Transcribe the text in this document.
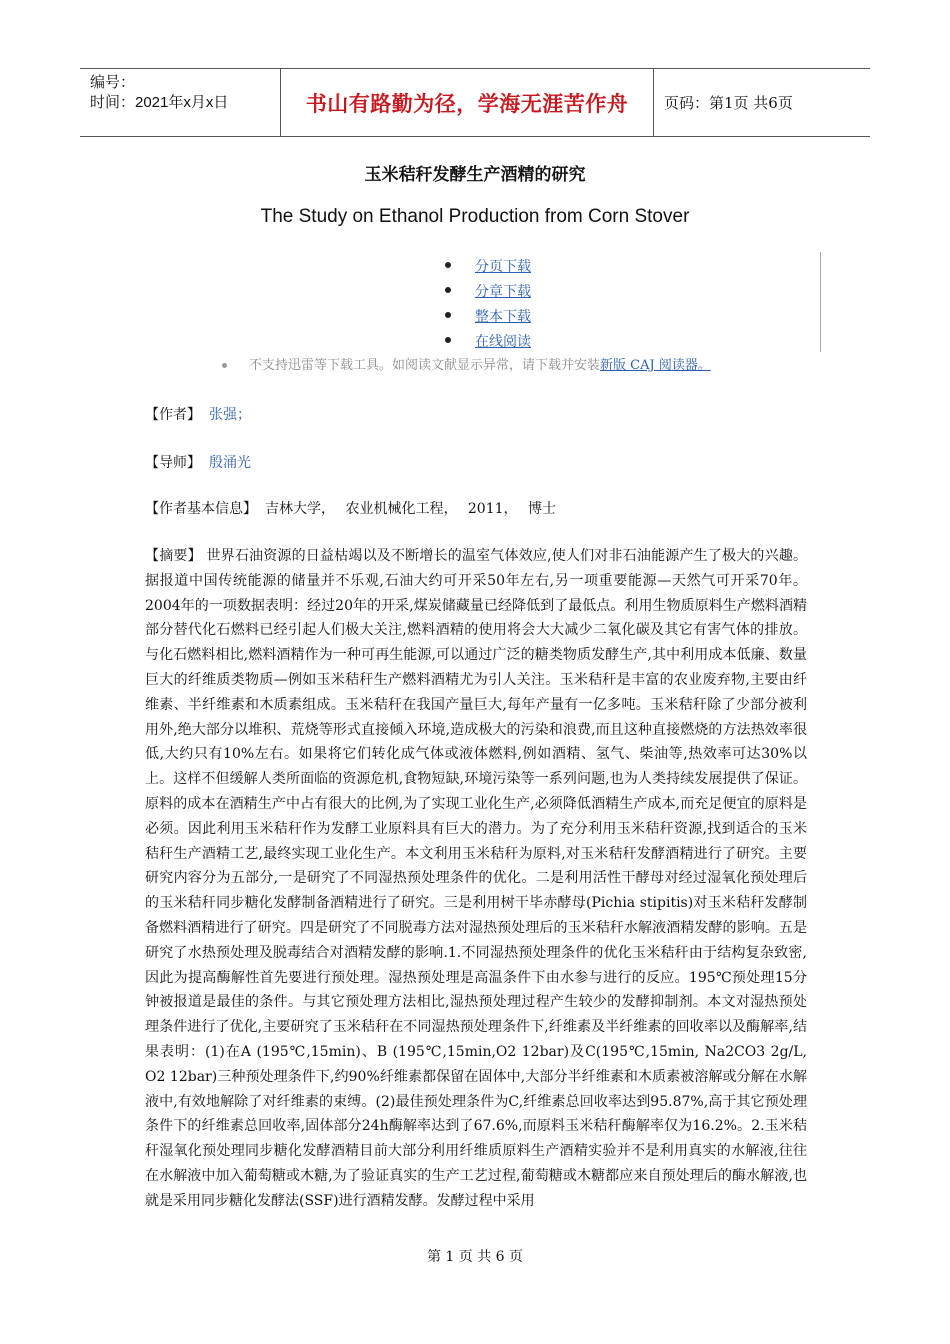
编号：
时间：2021年x月x日	书山有路勤为径，学海无涯苦作舟 页码：第1页 共6页
玉米秸秆发酵生产酒精的研究
The Study on Ethanol Production from Corn Stover
分页下载
分章下载
整本下载
在线阅读
不支持迅雷等下载工具。如阅读文献显示异常，请下载并安装新版 CAJ 阅读器。
【作者】 张强；
【导师】 殷涌光
【作者基本信息】 吉林大学， 农业机械化工程， 2011， 博士

【摘要】 世界石油资源的日益枯竭以及不断增长的温室气体效应,使人们对非石油能源产生了极大的兴趣。据报道中国传统能源的储量并不乐观,石油大约可开采50年左右,另一项重要能源—天然气可开采70年。2004年的一项数据表明：经过20年的开采,煤炭储藏量已经降低到了最低点。利用生物质原料生产燃料酒精部分替代化石燃料已经引起人们极大关注,燃料酒精的使用将会大大减少二氧化碳及其它有害气体的排放。与化石燃料相比,燃料酒精作为一种可再生能源,可以通过广泛的糖类物质发酵生产,其中利用成本低廉、数量巨大的纤维质类物质—例如玉米秸秆生产燃料酒精尤为引人关注。玉米秸秆是丰富的农业废弃物,主要由纤维素、半纤维素和木质素组成。玉米秸秆在我国产量巨大,每年产量有一亿多吨。玉米秸秆除了少部分被利用外,绝大部分以堆积、荒烧等形式直接倾入环境,造成极大的污染和浪费,而且这种直接燃烧的方法热效率很低,大约只有10%左右。如果将它们转化成气体或液体燃料,例如酒精、氢气、柴油等,热效率可达30%以上。这样不但缓解人类所面临的资源危机,食物短缺,环境污染等一系列问题,也为人类持续发展提供了保证。原料的成本在酒精生产中占有很大的比例,为了实现工业化生产,必须降低酒精生产成本,而充足便宜的原料是必须。因此利用玉米秸秆作为发酵工业原料具有巨大的潜力。为了充分利用玉米秸秆资源,找到适合的玉米秸秆生产酒精工艺,最终实现工业化生产。本文利用玉米秸秆为原料,对玉米秸秆发酵酒精进行了研究。主要研究内容分为五部分,一是研究了不同湿热预处理条件的优化。二是利用活性干酵母对经过湿氧化预处理后的玉米秸秆同步糖化发酵制备酒精进行了研究。三是利用树干毕赤酵母(Pichia stipitis)对玉米秸秆发酵制备燃料酒精进行了研究。四是研究了不同脱毒方法对湿热预处理后的玉米秸秆水解液酒精发酵的影响。五是研究了水热预处理及脱毒结合对酒精发酵的影响.1.不同湿热预处理条件的优化玉米秸秆由于结构复杂致密,因此为提高酶解性首先要进行预处理。湿热预处理是高温条件下由水参与进行的反应。195℃预处理15分钟被报道是最佳的条件。与其它预处理方法相比,湿热预处理过程产生较少的发酵抑制剂。本文对湿热预处理条件进行了优化,主要研究了玉米秸秆在不同湿热预处理条件下,纤维素及半纤维素的回收率以及酶解率,结果表明：(1)在A (195℃,15min)、B (195℃,15min,O2 12bar)及C(195℃,15min, Na2CO3 2g/L, O2 12bar)三种预处理条件下,约90%纤维素都保留在固体中,大部分半纤维素和木质素被溶解或分解在水解液中,有效地解除了对纤维素的束缚。(2)最佳预处理条件为C,纤维素总回收率达到95.87%,高于其它预处理条件下的纤维素总回收率,固体部分24h酶解率达到了67.6%,而原料玉米秸秆酶解率仅为16.2%。2.玉米秸秆湿氧化预处理同步糖化发酵酒精目前大部分利用纤维质原料生产酒精实验并不是利用真实的水解液,往往在水解液中加入葡萄糖或木糖,为了验证真实的生产工艺过程,葡萄糖或木糖都应来自预处理后的酶水解液,也就是采用同步糖化发酵法(SSF)进行酒精发酵。发酵过程中采用

第 1 页 共 6 页
